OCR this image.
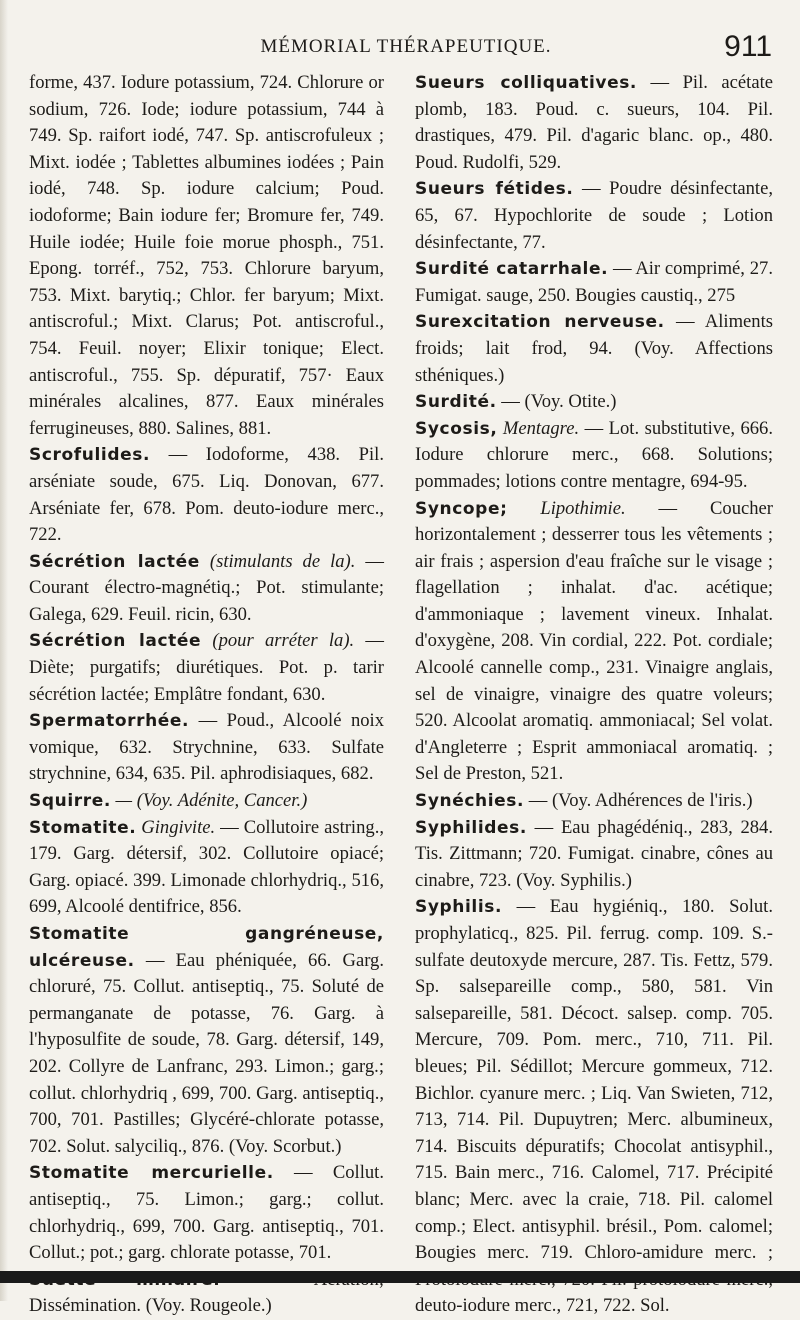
MÉMORIAL THÉRAPEUTIQUE.	911

forme, 437. Iodure potassium, 724. Chlorure or sodium, 726. Iode; iodure potassium, 744 à 749. Sp. raifort iodé, 747. Sp. antiscrofuleux ; Mixt. iodée ; Tablettes albumines iodées ; Pain iodé, 748. Sp. iodure calcium; Poud. iodoforme; Bain iodure fer; Bromure fer, 749. Huile iodée; Huile foie morue phosph., 751. Epong. torréf., 752, 753. Chlorure baryum, 753. Mixt. barytiq.; Chlor. fer baryum; Mixt. antiscroful.; Mixt. Clarus; Pot. antiscroful., 754. Feuil. noyer; Elixir tonique; Elect. antiscroful., 755. Sp. dépuratif, 757· Eaux minérales alcalines, 877. Eaux minérales ferrugineuses, 880. Salines, 881.

Scrofulides. — Iodoforme, 438. Pil. arséniate soude, 675. Liq. Donovan, 677. Arséniate fer, 678. Pom. deuto-iodure merc., 722.

Sécrétion lactée (stimulants de la). — Courant électro-magnétiq.; Pot. stimulante; Galega, 629. Feuil. ricin, 630.

Sécrétion lactée (pour arréter la). — Diète; purgatifs; diurétiques. Pot. p. tarir sécrétion lactée; Emplâtre fondant, 630.

Spermatorrhée. — Poud., Alcoolé noix vomique, 632. Strychnine, 633. Sulfate strychnine, 634, 635. Pil. aphrodisiaques, 682.

Squirre. — (Voy. Adénite, Cancer.)

Stomatite. Gingivite. — Collutoire astring., 179. Garg. détersif, 302. Collutoire opiacé; Garg. opiacé. 399. Limonade chlorhydriq., 516, 699, Alcoolé dentifrice, 856.

Stomatite gangréneuse, ulcéreuse. — Eau phéniquée, 66. Garg. chloruré, 75. Collut. antiseptiq., 75. Soluté de permanganate de potasse, 76. Garg. à l'hyposulfite de soude, 78. Garg. détersif, 149, 202. Collyre de Lanfranc, 293. Limon.; garg.; collut. chlorhydriq , 699, 700. Garg. antiseptiq., 700, 701. Pastilles; Glycéré-chlorate potasse, 702. Solut. salyciliq., 876. (Voy. Scorbut.)

Stomatite mercurielle. — Collut. antiseptiq., 75. Limon.; garg.; collut. chlorhydriq., 699, 700. Garg. antiseptiq., 701. Collut.; pot.; garg. chlorate potasse, 701.

Dissémination. (Voy. Rougeole.)

Sueurs colliquatives. — Pil. acétate plomb, 183. Poud. c. sueurs, 104. Pil. drastiques, 479. Pil. d'agaric blanc. op., 480. Poud. Rudolfi, 529.

Sueurs fétides. — Poudre désinfectante, 65, 67. Hypochlorite de soude ; Lotion désinfectante, 77.

Surdité catarrhale. — Air comprimé, 27. Fumigat. sauge, 250. Bougies caustiq., 275

Surexcitation nerveuse. — Aliments froids; lait frod, 94. (Voy. Affections sthéniques.)

Surdité. — (Voy. Otite.)

Sycosis, Mentagre. — Lot. substitutive, 666. Iodure chlorure merc., 668. Solutions; pommades; lotions contre mentagre, 694-95.

Syncope; Lipothimie. — Coucher horizontalement ; desserrer tous les vêtements ; air frais ; aspersion d'eau fraîche sur le visage ; flagellation ; inhalat. d'ac. acétique; d'ammoniaque ; lavement vineux. Inhalat. d'oxygène, 208. Vin cordial, 222. Pot. cordiale; Alcoolé cannelle comp., 231. Vinaigre anglais, sel de vinaigre, vinaigre des quatre voleurs; 520. Alcoolat aromatiq. ammoniacal; Sel volat. d'Angleterre ; Esprit ammoniacal aromatiq. ; Sel de Preston, 521.

Synéchies. — (Voy. Adhérences de l'iris.)

Syphilides. — Eau phagédéniq., 283, 284. Tis. Zittmann; 720. Fumigat. cinabre, cônes au cinabre, 723. (Voy. Syphilis.)

Syphilis. — Eau hygiéniq., 180. Solut. prophylaticq., 825. Pil. ferrug. comp. 109. S.-sulfate deutoxyde mercure, 287. Tis. Fettz, 579. Sp. salsepareille comp., 580, 581. Vin salsepareille, 581. Décoct. salsep. comp. 705. Mercure, 709. Pom. merc., 710, 711. Pil. bleues; Pil. Sédillot; Mercure gommeux, 712. Bichlor. cyanure merc. ; Liq. Van Swieten, 712, 713, 714. Pil. Dupuytren; Merc. albumineux, 714. Biscuits dépuratifs; Chocolat antisyphil., 715. Bain merc., 716. Calomel, 717. Précipité blanc; Merc. avec la craie, 718. Pil. calomel comp.; Elect. antisyphil. brésil., Pom. calomel; Bougies merc. 719. Chloro-amidure merc. ; deuto-iodure merc., 721, 722. Sol.
